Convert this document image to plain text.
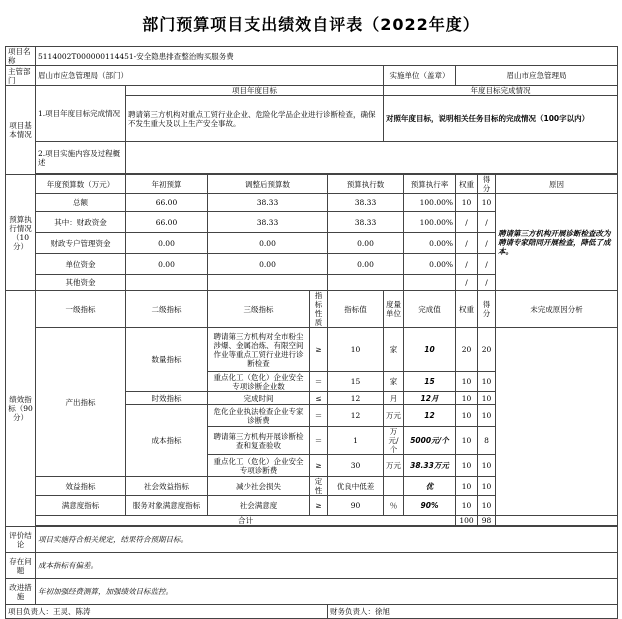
部门预算项目支出绩效自评表（2022年度）
项目名称	5114002T000000114451-安全隐患排查整治购买服务费									
主管部门	眉山市应急管理局（部门）					实施单位（盖章）		眉山市应急管理局		
项目基本情况	1.项目年度目标完成情况	项目年度目标				年度目标完成情况				
		聘请第三方机构对重点工贸行业企业、危险化学品企业进行诊断检查，确保不发生重大及以上生产安全事故。				对照年度目标，说明相关任务目标的完成情况（100字以内）				
	2.项目实施内容及过程概述									

预算执行情况（10分）	年度预算数（万元）	年初预算	调整后预算数		预算执行数		预算执行率	权重	得分	原因
	总额	66.00	38.33		38.33		100.00%	10	10	聘请第三方机构开展诊断检查改为聘请专家陪同开展检查，降低了成本。
	其中：财政资金	66.00	38.33		38.33		100.00%	/	/	
	财政专户管理资金	0.00	0.00		0.00		0.00%	/	/	
	单位资金	0.00	0.00		0.00		0.00%	/	/	
	其他资金							/	/	
绩效指标（90分）	一级指标	二级指标	三级指标	指标性质	指标值	度量单位	完成值	权重	得分	未完成原因分析
	产出指标	数量指标	聘请第三方机构对全市粉尘涉爆、金属冶炼、有限空间作业等重点工贸行业进行诊断检查	≥	10	家	10	20	20	
			重点化工（危化）企业安全专项诊断企业数	＝	15	家	15	10	10	
		时效指标	完成时间	≤	12	月	12月	10	10	
		成本指标	危化企业执法检查企业专家诊断费	＝	12	万元	12	10	10	
			聘请第三方机构开展诊断检查和复查验收	＝	1	万元/个	5000元/个	10	8	
			重点化工（危化）企业安全专项诊断费	≥	30	万元	38.33万元	10	10	
	效益指标	社会效益指标	减少社会损失	定性	优良中低差		优	10	10	
	满意度指标	服务对象满意度指标	社会满意度	≥	90	％	90%	10	10	
	合计							100	98	

评价结论	项目实施符合相关规定，结果符合预期目标。									
存在问题	成本指标有偏差。									
改进措施	年初加强经费测算，加强绩效目标监控。									
项目负责人：王灵、陈涛					财务负责人：徐旭					
